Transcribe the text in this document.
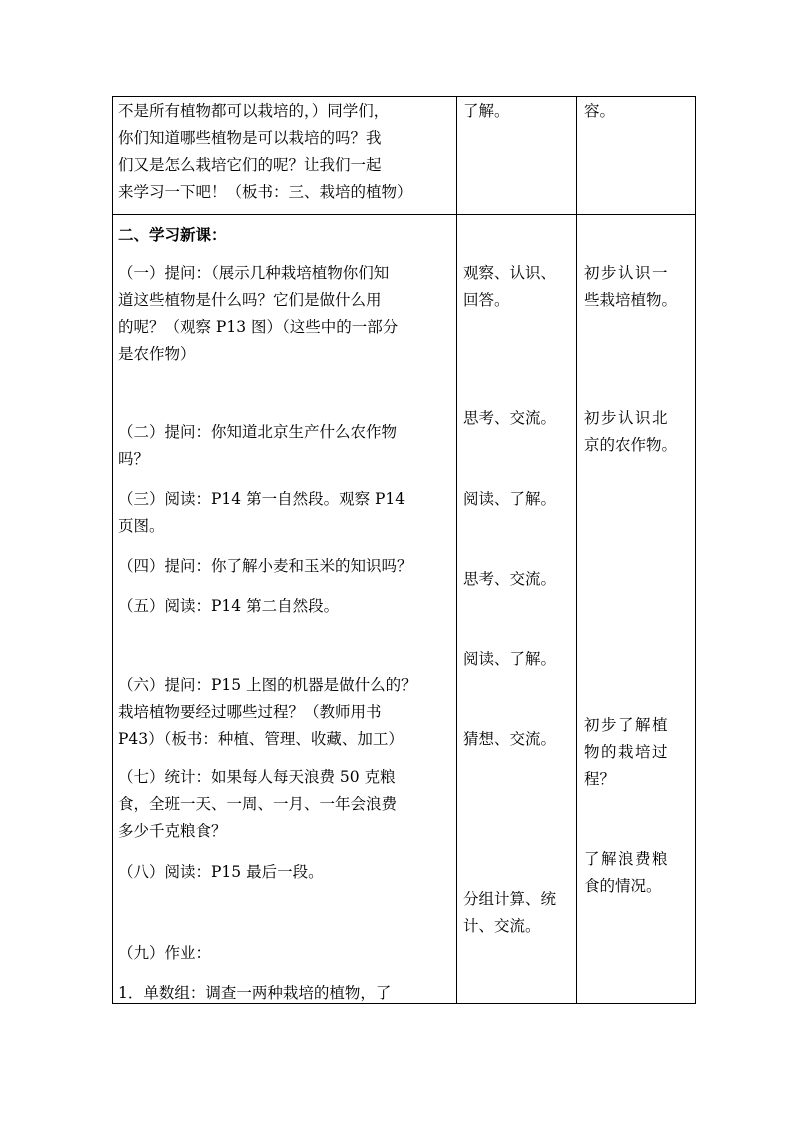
不是所有植物都可以栽培的，）同学们，
你们知道哪些植物是可以栽培的吗？我
们又是怎么栽培它们的呢？让我们一起
来学习一下吧！（板书：三、栽培的植物）
了解。	容。
二、学习新课：
（一）提问：（展示几种栽培植物你们知
道这些植物是什么吗？它们是做什么用
的呢？（观察 P13 图）（这些中的一部分
是农作物）
（二）提问：你知道北京生产什么农作物
吗？
（三）阅读：P14 第一自然段。观察 P14
页图。
（四）提问：你了解小麦和玉米的知识吗？
（五）阅读：P14 第二自然段。
（六）提问：P15 上图的机器是做什么的？
栽培植物要经过哪些过程？（教师用书
P43）（板书：种植、管理、收藏、加工）
（七）统计：如果每人每天浪费 50 克粮
食，全班一天、一周、一月、一年会浪费
多少千克粮食？
（八）阅读：P15 最后一段。
（九）作业：
1．单数组：调查一两种栽培的植物，了
观察、认识、
回答。
思考、交流。
阅读、了解。
思考、交流。
阅读、了解。
猜想、交流。
分组计算、统
计、交流。
初步认识一
些栽培植物。
初步认识北
京的农作物。
初步了解植
物的栽培过
程？
了解浪费粮
食的情况。
